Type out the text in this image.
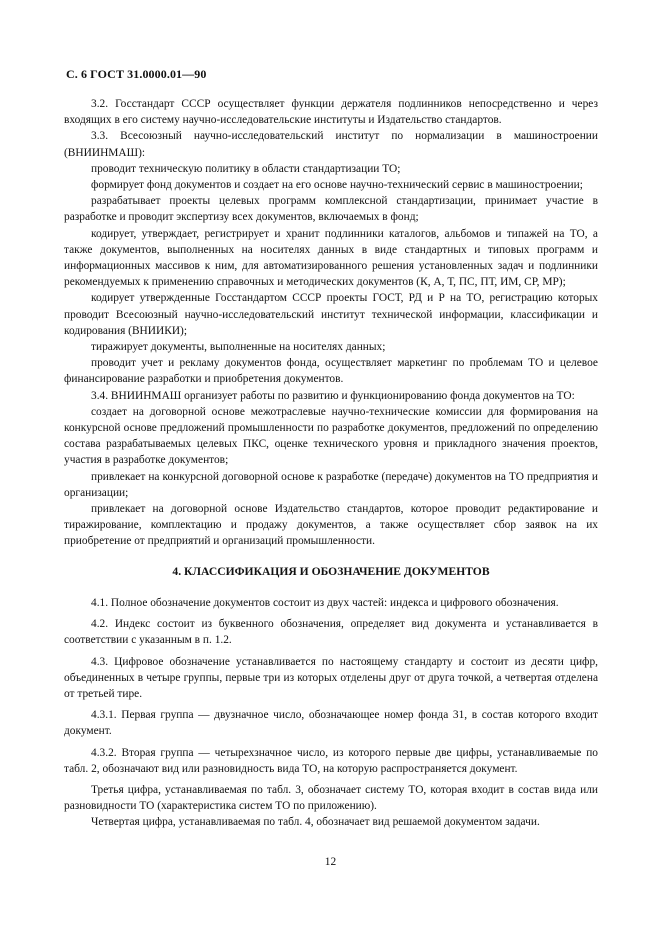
С. 6 ГОСТ 31.0000.01—90

3.2. Госстандарт СССР осуществляет функции держателя подлинников непосредственно и через входящих в его систему научно-исследовательские институты и Издательство стандартов.

3.3. Всесоюзный научно-исследовательский институт по нормализации в машиностроении (ВНИИНМАШ):

проводит техническую политику в области стандартизации ТО;

формирует фонд документов и создает на его основе научно-технический сервис в машиностроении;

разрабатывает проекты целевых программ комплексной стандартизации, принимает участие в разработке и проводит экспертизу всех документов, включаемых в фонд;

кодирует, утверждает, регистрирует и хранит подлинники каталогов, альбомов и типажей на ТО, а также документов, выполненных на носителях данных в виде стандартных и типовых программ и информационных массивов к ним, для автоматизированного решения установленных задач и подлинники рекомендуемых к применению справочных и методических документов (К, А, Т, ПС, ПТ, ИМ, СР, МР);

кодирует утвержденные Госстандартом СССР проекты ГОСТ, РД и Р на ТО, регистрацию которых проводит Всесоюзный научно-исследовательский институт технической информации, классификации и кодирования (ВНИИКИ);

тиражирует документы, выполненные на носителях данных;

проводит учет и рекламу документов фонда, осуществляет маркетинг по проблемам ТО и целевое финансирование разработки и приобретения документов.

3.4. ВНИИНМАШ организует работы по развитию и функционированию фонда документов на ТО:

создает на договорной основе межотраслевые научно-технические комиссии для формирования на конкурсной основе предложений промышленности по разработке документов, предложений по определению состава разрабатываемых целевых ПКС, оценке технического уровня и прикладного значения проектов, участия в разработке документов;

привлекает на конкурсной договорной основе к разработке (передаче) документов на ТО предприятия и организации;

привлекает на договорной основе Издательство стандартов, которое проводит редактирование и тиражирование, комплектацию и продажу документов, а также осуществляет сбор заявок на их приобретение от предприятий и организаций промышленности.

4. КЛАССИФИКАЦИЯ И ОБОЗНАЧЕНИЕ ДОКУМЕНТОВ

4.1. Полное обозначение документов состоит из двух частей: индекса и цифрового обозначения.

4.2. Индекс состоит из буквенного обозначения, определяет вид документа и устанавливается в соответствии с указанным в п. 1.2.

4.3. Цифровое обозначение устанавливается по настоящему стандарту и состоит из десяти цифр, объединенных в четыре группы, первые три из которых отделены друг от друга точкой, а четвертая отделена от третьей тире.

4.3.1. Первая группа — двузначное число, обозначающее номер фонда 31, в состав которого входит документ.

4.3.2. Вторая группа — четырехзначное число, из которого первые две цифры, устанавливаемые по табл. 2, обозначают вид или разновидность вида ТО, на которую распространяется документ.

Третья цифра, устанавливаемая по табл. 3, обозначает систему ТО, которая входит в состав вида или разновидности ТО (характеристика систем ТО по приложению).

Четвертая цифра, устанавливаемая по табл. 4, обозначает вид решаемой документом задачи.

12
